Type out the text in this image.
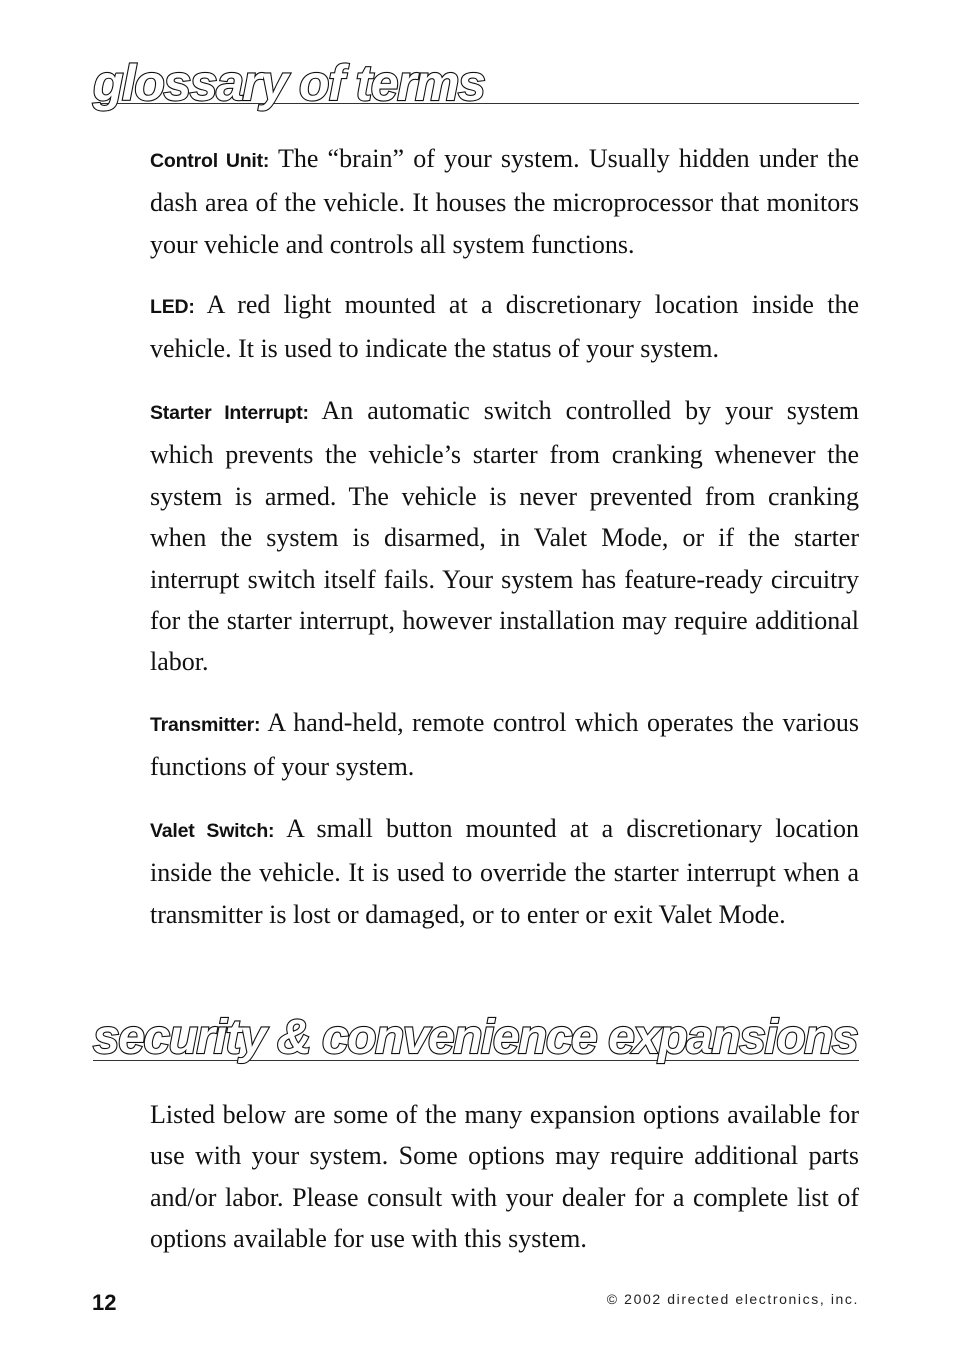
glossary of terms

Control Unit: The “brain” of your system. Usually hidden under the dash area of the vehicle. It houses the microprocessor that monitors your vehicle and controls all system functions.

LED: A red light mounted at a discretionary location inside the vehicle. It is used to indicate the status of your system.

Starter Interrupt: An automatic switch controlled by your system which prevents the vehicle’s starter from cranking whenever the system is armed. The vehicle is never prevented from cranking when the system is disarmed, in Valet Mode, or if the starter interrupt switch itself fails. Your system has feature-ready circuitry for the starter interrupt, however installation may require additional labor.

Transmitter: A hand-held, remote control which operates the various functions of your system.

Valet Switch: A small button mounted at a discretionary location inside the vehicle. It is used to override the starter interrupt when a transmitter is lost or damaged, or to enter or exit Valet Mode.

security & convenience expansions

Listed below are some of the many expansion options available for use with your system. Some options may require additional parts and/or labor. Please consult with your dealer for a complete list of options available for use with this system.

12	© 2002 directed electronics, inc.
